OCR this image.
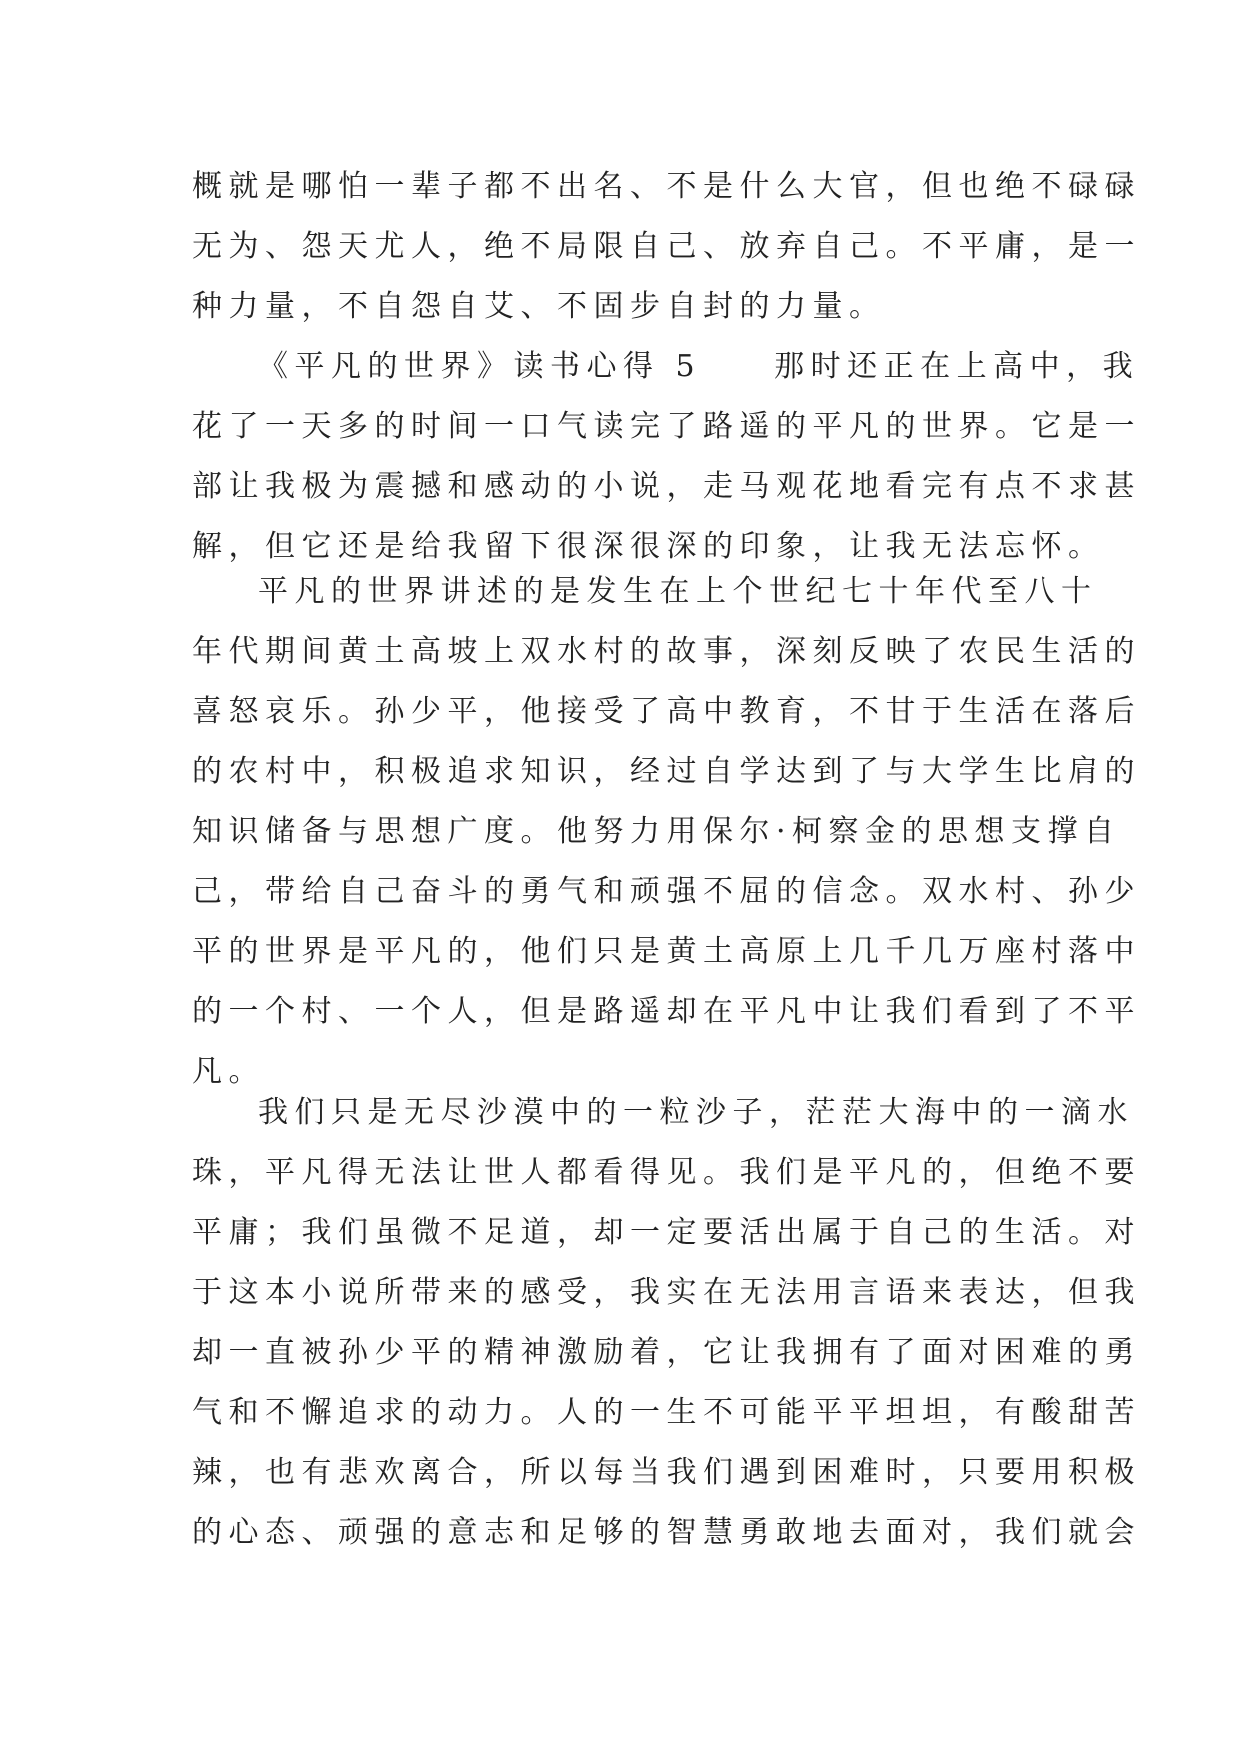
概就是哪怕一辈子都不出名、不是什么大官，但也绝不碌碌
无为、怨天尤人，绝不局限自己、放弃自己。不平庸，是一
种力量，不自怨自艾、不固步自封的力量。
《平凡的世界》读书心得 5　　那时还正在上高中，我
花了一天多的时间一口气读完了路遥的平凡的世界。它是一
部让我极为震撼和感动的小说，走马观花地看完有点不求甚
解，但它还是给我留下很深很深的印象，让我无法忘怀。
平凡的世界讲述的是发生在上个世纪七十年代至八十
年代期间黄土高坡上双水村的故事，深刻反映了农民生活的
喜怒哀乐。孙少平，他接受了高中教育，不甘于生活在落后
的农村中，积极追求知识，经过自学达到了与大学生比肩的
知识储备与思想广度。他努力用保尔·柯察金的思想支撑自
己，带给自己奋斗的勇气和顽强不屈的信念。双水村、孙少
平的世界是平凡的，他们只是黄土高原上几千几万座村落中
的一个村、一个人，但是路遥却在平凡中让我们看到了不平
凡。
我们只是无尽沙漠中的一粒沙子，茫茫大海中的一滴水
珠，平凡得无法让世人都看得见。我们是平凡的，但绝不要
平庸；我们虽微不足道，却一定要活出属于自己的生活。对
于这本小说所带来的感受，我实在无法用言语来表达，但我
却一直被孙少平的精神激励着，它让我拥有了面对困难的勇
气和不懈追求的动力。人的一生不可能平平坦坦，有酸甜苦
辣，也有悲欢离合，所以每当我们遇到困难时，只要用积极
的心态、顽强的意志和足够的智慧勇敢地去面对，我们就会
